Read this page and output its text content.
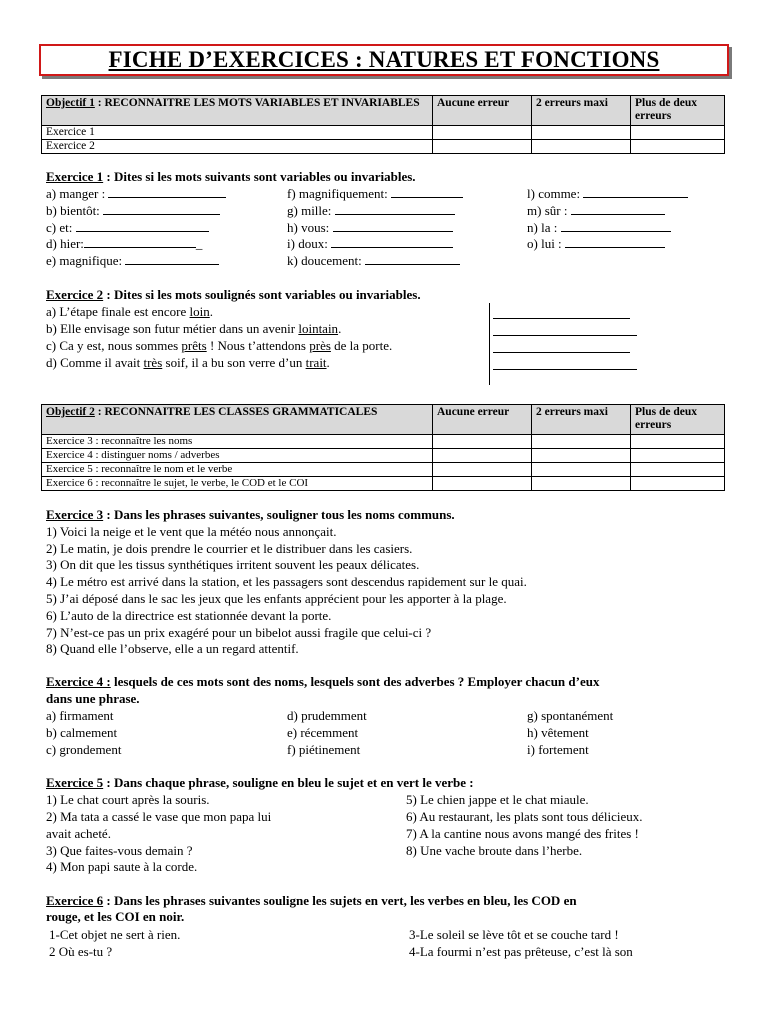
FICHE D’EXERCICES : NATURES ET FONCTIONS
Objectif 1 : RECONNAITRE LES MOTS VARIABLES ET INVARIABLES	Aucune erreur	2 erreurs maxi	Plus de deux erreurs
Exercice 1			
Exercice 2			
Exercice 1 : Dites si les mots suivants sont variables ou invariables.
a) manger :
b) bientôt:
c) et:
d) hier:	_
e) magnifique:
f) magnifiquement:
g) mille:
h) vous:
i) doux:
k) doucement:
l) comme:
m) sûr :
n) la :
o) lui :
Exercice 2 : Dites si les mots soulignés sont variables ou invariables.
a) L’étape finale est encore loin.
b) Elle envisage son futur métier dans un avenir lointain.
c) Ca y est, nous sommes prêts ! Nous t’attendons près de la porte.
d) Comme il avait très soif, il a bu son verre d’un trait.
Objectif 2 : RECONNAITRE LES CLASSES GRAMMATICALES	Aucune erreur	2 erreurs maxi	Plus de deux erreurs
Exercice 3 : reconnaître les noms			
Exercice 4 : distinguer noms / adverbes			
Exercice 5 : reconnaître le nom et le verbe			
Exercice 6 : reconnaître le sujet, le verbe, le COD et le COI			
Exercice 3 : Dans les phrases suivantes, souligner tous les noms communs.
1) Voici la neige et le vent que la météo nous annonçait.
2) Le matin, je dois prendre le courrier et le distribuer dans les casiers.
3) On dit que les tissus synthétiques irritent souvent les peaux délicates.
4) Le métro est arrivé dans la station, et les passagers sont descendus rapidement sur le quai.
5) J’ai déposé dans le sac les jeux que les enfants apprécient pour les apporter à la plage.
6) L’auto de la directrice est stationnée devant la porte.
7) N’est-ce pas un prix exagéré pour un bibelot aussi fragile que celui-ci ?
8) Quand elle l’observe, elle a un regard attentif.
Exercice 4 : lesquels de ces mots sont des noms, lesquels sont des adverbes ? Employer chacun d’eux
dans une phrase.
a) firmament
b) calmement
c) grondement
d) prudemment
e) récemment
f) piétinement
g) spontanément
h) vêtement
i) fortement
Exercice 5 : Dans chaque phrase, souligne en bleu le sujet et en vert le verbe :
1) Le chat court après la souris.
2) Ma tata a cassé le vase que mon papa lui
avait acheté.
3) Que faites-vous demain ?
4) Mon papi saute à la corde.
5) Le chien jappe et le chat miaule.
6) Au restaurant, les plats sont tous délicieux.
7) A la cantine nous avons mangé des frites !
8) Une vache broute dans l’herbe.
Exercice 6 : Dans les phrases suivantes souligne les sujets en vert, les verbes en bleu, les COD en
rouge, et les COI en noir.
1-Cet objet ne sert à rien.
2 Où es-tu ?
3-Le soleil se lève tôt et se couche tard !
4-La fourmi n’est pas prêteuse, c’est là son
